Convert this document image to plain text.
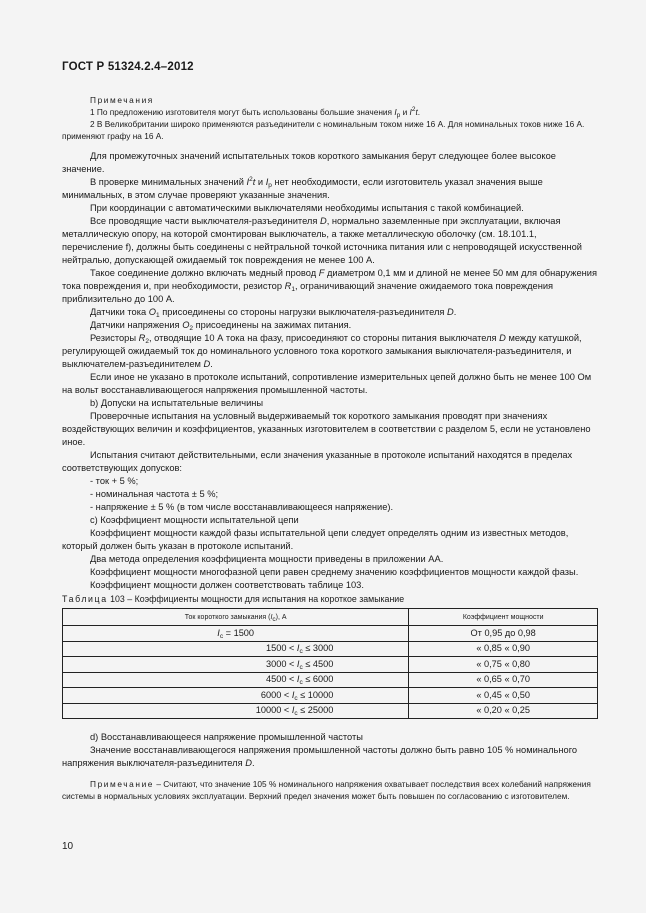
ГОСТ Р 51324.2.4–2012

Примечания

1 По предложению изготовителя могут быть использованы большие значения $I_p$ и $I^2t$.

2 В Великобритании широко применяются разъединители с номинальным током ниже 16 А. Для номинальных токов ниже 16 А. применяют графу на 16 А.

Для промежуточных значений испытательных токов короткого замыкания берут следующее более высокое значение.

В проверке минимальных значений $I^2t$ и $I_p$ нет необходимости, если изготовитель указал значения выше минимальных, в этом случае проверяют указанные значения.

При координации с автоматическими выключателями необходимы испытания с такой комбинацией.

Все проводящие части выключателя-разъединителя D, нормально заземленные при эксплуатации, включая металлическую опору, на которой смонтирован выключатель, а также металлическую оболочку (см. 18.101.1, перечисление f), должны быть соединены с нейтральной точкой источника питания или с непроводящей искусственной нейтралью, допускающей ожидаемый ток повреждения не менее 100 А.

Такое соединение должно включать медный провод F диаметром 0,1 мм и длиной не менее 50 мм для обнаружения тока повреждения и, при необходимости, резистор $R_1$, ограничивающий значение ожидаемого тока повреждения приблизительно до 100 А.

Датчики тока $O_1$ присоединены со стороны нагрузки выключателя-разъединителя D.

Датчики напряжения $O_2$ присоединены на зажимах питания.

Резисторы $R_2$, отводящие 10 А тока на фазу, присоединяют со стороны питания выключателя D между катушкой, регулирующей ожидаемый ток до номинального условного тока короткого замыкания выключателя-разъединителя, и выключателем-разъединителем D.

Если иное не указано в протоколе испытаний, сопротивление измерительных цепей должно быть не менее 100 Ом на вольт восстанавливающегося напряжения промышленной частоты.

b) Допуски на испытательные величины

Проверочные испытания на условный выдерживаемый ток короткого замыкания проводят при значениях воздействующих величин и коэффициентов, указанных изготовителем в соответствии с разделом 5, если не установлено иное.

Испытания считают действительными, если значения указанные в протоколе испытаний находятся в пределах соответствующих допусков:

- ток + 5 %;

- номинальная частота ± 5 %;

- напряжение ± 5 % (в том числе восстанавливающееся напряжение).

c) Коэффициент мощности испытательной цепи

Коэффициент мощности каждой фазы испытательной цепи следует определять одним из известных методов, который должен быть указан в протоколе испытаний.

Два метода определения коэффициента мощности приведены в приложении АА.

Коэффициент мощности многофазной цепи равен среднему значению коэффициентов мощности каждой фазы.

Коэффициент мощности должен соответствовать таблице 103.

Таблица 103 – Коэффициенты мощности для испытания на короткое замыкание
Ток короткого замыкания $(I_c)$, А	Коэффициент мощности
$I_c = 1500$	От 0,95 до 0,98
$1500 < I_c \le 3000$	« 0,85 « 0,90
$3000 < I_c \le 4500$	« 0,75 « 0,80
$4500 < I_c \le 6000$	« 0,65 « 0,70
$6000 < I_c \le 10000$	« 0,45 « 0,50
$10000 < I_c \le 25000$	« 0,20 « 0,25

d) Восстанавливающееся напряжение промышленной частоты

Значение восстанавливающегося напряжения промышленной частоты должно быть равно 105 % номинального напряжения выключателя-разъединителя D.

Примечание – Считают, что значение 105 % номинального напряжения охватывает последствия всех колебаний напряжения системы в нормальных условиях эксплуатации. Верхний предел значения может быть повышен по согласованию с изготовителем.

10
